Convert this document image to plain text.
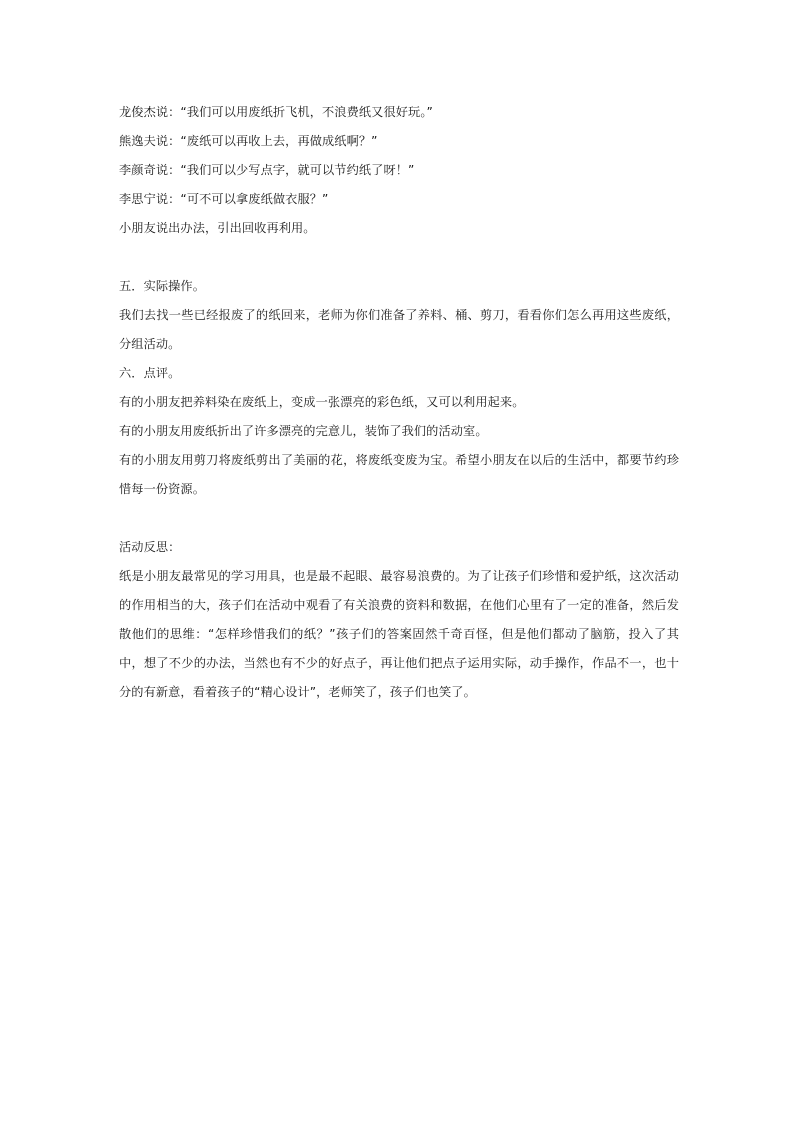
龙俊杰说：“我们可以用废纸折飞机，不浪费纸又很好玩。”
熊逸夫说：“废纸可以再收上去，再做成纸啊？”
李颜奇说：“我们可以少写点字，就可以节约纸了呀！”
李思宁说：“可不可以拿废纸做衣服？”
小朋友说出办法，引出回收再利用。
五．实际操作。
我们去找一些已经报废了的纸回来，老师为你们准备了养料、桶、剪刀，看看你们怎么再用这些废纸，分组活动。
六．点评。
有的小朋友把养料染在废纸上，变成一张漂亮的彩色纸，又可以利用起来。
有的小朋友用废纸折出了许多漂亮的完意儿，装饰了我们的活动室。
有的小朋友用剪刀将废纸剪出了美丽的花，将废纸变废为宝。希望小朋友在以后的生活中，都要节约珍惜每一份资源。
活动反思：
纸是小朋友最常见的学习用具，也是最不起眼、最容易浪费的。为了让孩子们珍惜和爱护纸，这次活动的作用相当的大，孩子们在活动中观看了有关浪费的资料和数据，在他们心里有了一定的准备，然后发散他们的思维：“怎样珍惜我们的纸？”孩子们的答案固然千奇百怪，但是他们都动了脑筋，投入了其中，想了不少的办法，当然也有不少的好点子，再让他们把点子运用实际，动手操作，作品不一，也十分的有新意，看着孩子的“精心设计”，老师笑了，孩子们也笑了。
